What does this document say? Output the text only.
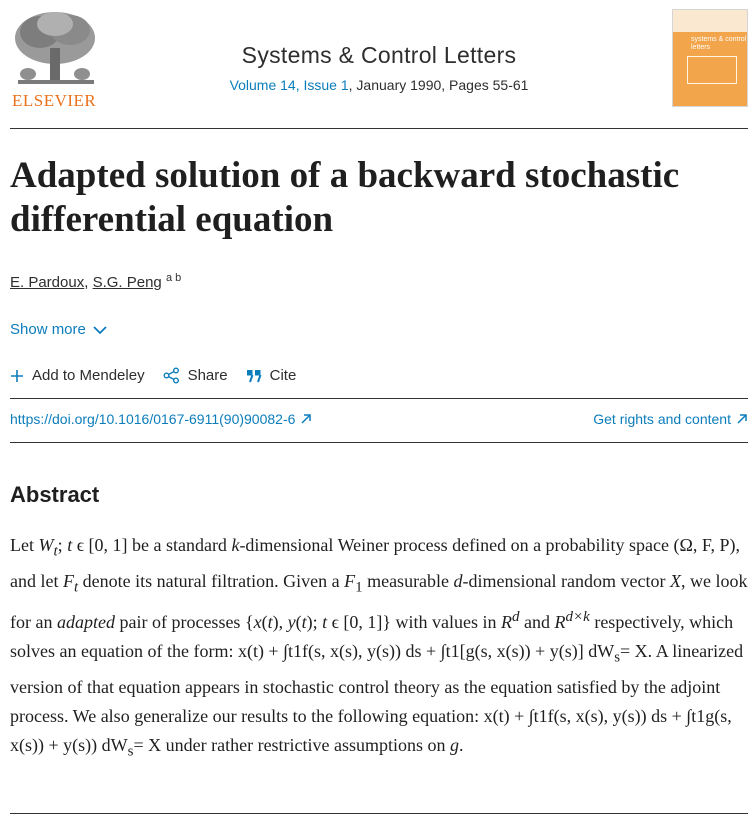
ELSEVIER
Systems & Control Letters
Volume 14, Issue 1, January 1990, Pages 55-61
systems & control letters
Adapted solution of a backward stochastic differential equation
E. Pardoux, S.G. Peng $^{a b}$
Show more
Add to Mendeley	Share	Cite
https://doi.org/10.1016/0167-6911(90)90082-6	Get rights and content
Abstract

Let $W_t$; t ϵ [0, 1] be a standard k-dimensional Weiner process defined on a probability space (Ω, F, P), and let $F_t$ denote its natural filtration. Given a $F_1$ measurable d-dimensional random vector X, we look for an adapted pair of processes {x(t), y(t); t ϵ [0, 1]} with values in $R^d$ and $R^{d\times k}$ respectively, which solves an equation of the form: x(t) + ∫t1f(s, x(s), y(s)) ds + ∫t1[g(s, x(s)) + y(s)] $dW_s= X$. A linearized version of that equation appears in stochastic control theory as the equation satisfied by the adjoint process. We also generalize our results to the following equation: x(t) + ∫t1f(s, x(s), y(s)) ds + ∫t1g(s, x(s)) + y(s)) $dW_s= X$ under rather restrictive assumptions on g.
